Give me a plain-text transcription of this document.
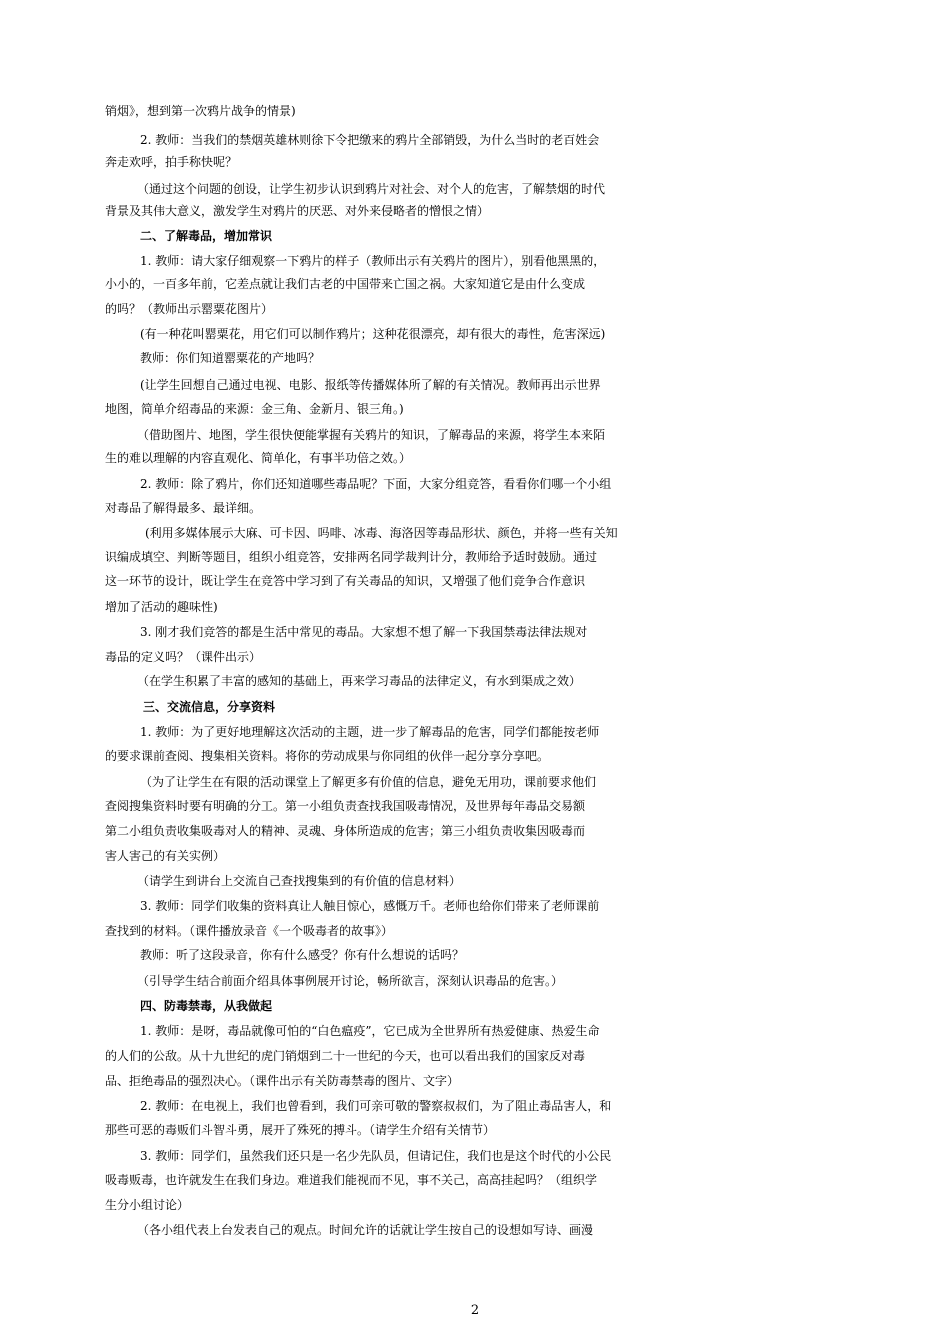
销烟》，想到第一次鸦片战争的情景)
2. 教师：当我们的禁烟英雄林则徐下令把缴来的鸦片全部销毁，为什么当时的老百姓会
奔走欢呼，拍手称快呢？
（通过这个问题的创设，让学生初步认识到鸦片对社会、对个人的危害，了解禁烟的时代
背景及其伟大意义，激发学生对鸦片的厌恶、对外来侵略者的憎恨之情）
二、了解毒品，增加常识
1. 教师：请大家仔细观察一下鸦片的样子（教师出示有关鸦片的图片），别看他黑黑的，
小小的，一百多年前，它差点就让我们古老的中国带来亡国之祸。大家知道它是由什么变成
的吗？（教师出示罂粟花图片）
(有一种花叫罂粟花，用它们可以制作鸦片；这种花很漂亮，却有很大的毒性，危害深远)
教师：你们知道罂粟花的产地吗？
(让学生回想自己通过电视、电影、报纸等传播媒体所了解的有关情况。教师再出示世界
地图，简单介绍毒品的来源：金三角、金新月、银三角。)
（借助图片、地图，学生很快便能掌握有关鸦片的知识，了解毒品的来源，将学生本来陌
生的难以理解的内容直观化、简单化，有事半功倍之效。）
2. 教师：除了鸦片，你们还知道哪些毒品呢？下面，大家分组竞答，看看你们哪一个小组
对毒品了解得最多、最详细。
(利用多媒体展示大麻、可卡因、吗啡、冰毒、海洛因等毒品形状、颜色，并将一些有关知
识编成填空、判断等题目，组织小组竞答，安排两名同学裁判计分，教师给予适时鼓励。通过
这一环节的设计，既让学生在竞答中学习到了有关毒品的知识，又增强了他们竞争合作意识
增加了活动的趣味性)
3. 刚才我们竞答的都是生活中常见的毒品。大家想不想了解一下我国禁毒法律法规对
毒品的定义吗？（课件出示）
（在学生积累了丰富的感知的基础上，再来学习毒品的法律定义，有水到渠成之效）
三、交流信息，分享资料
1. 教师：为了更好地理解这次活动的主题，进一步了解毒品的危害，同学们都能按老师
的要求课前查阅、搜集相关资料。将你的劳动成果与你同组的伙伴一起分享分享吧。
（为了让学生在有限的活动课堂上了解更多有价值的信息，避免无用功，课前要求他们
查阅搜集资料时要有明确的分工。第一小组负责查找我国吸毒情况，及世界每年毒品交易额
第二小组负责收集吸毒对人的精神、灵魂、身体所造成的危害；第三小组负责收集因吸毒而
害人害己的有关实例）
（请学生到讲台上交流自己查找搜集到的有价值的信息材料）
3. 教师：同学们收集的资料真让人触目惊心，感慨万千。老师也给你们带来了老师课前
查找到的材料。（课件播放录音《一个吸毒者的故事》）
教师：听了这段录音，你有什么感受？你有什么想说的话吗？
（引导学生结合前面介绍具体事例展开讨论，畅所欲言，深刻认识毒品的危害。）
四、防毒禁毒，从我做起
1. 教师：是呀，毒品就像可怕的“白色瘟疫”，它已成为全世界所有热爱健康、热爱生命
的人们的公敌。从十九世纪的虎门销烟到二十一世纪的今天，也可以看出我们的国家反对毒
品、拒绝毒品的强烈决心。（课件出示有关防毒禁毒的图片、文字）
2. 教师：在电视上，我们也曾看到，我们可亲可敬的警察叔叔们，为了阻止毒品害人，和
那些可恶的毒贩们斗智斗勇，展开了殊死的搏斗。（请学生介绍有关情节）
3. 教师：同学们，虽然我们还只是一名少先队员，但请记住，我们也是这个时代的小公民
吸毒贩毒，也许就发生在我们身边。难道我们能视而不见，事不关己，高高挂起吗？（组织学
生分小组讨论）
（各小组代表上台发表自己的观点。时间允许的话就让学生按自己的设想如写诗、画漫
2
